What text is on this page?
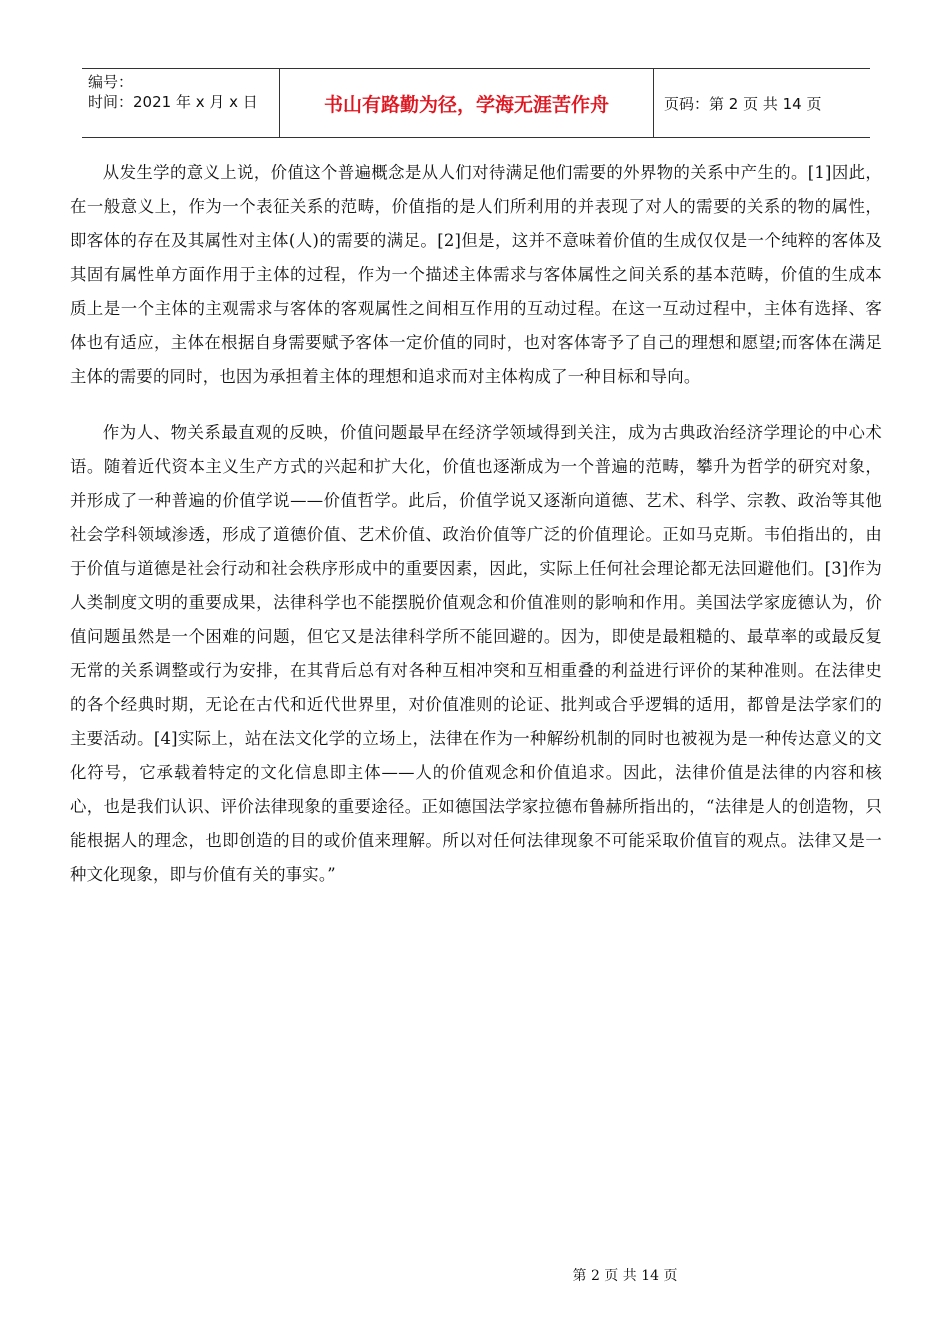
编号：
时间：2021 年 x 月 x 日	书山有路勤为径，学海无涯苦作舟	页码：第 2 页 共 14 页

从发生学的意义上说，价值这个普遍概念是从人们对待满足他们需要的外界物的关系中产生的。[1]因此，在一般意义上，作为一个表征关系的范畴，价值指的是人们所利用的并表现了对人的需要的关系的物的属性，即客体的存在及其属性对主体(人)的需要的满足。[2]但是，这并不意味着价值的生成仅仅是一个纯粹的客体及其固有属性单方面作用于主体的过程，作为一个描述主体需求与客体属性之间关系的基本范畴，价值的生成本质上是一个主体的主观需求与客体的客观属性之间相互作用的互动过程。在这一互动过程中，主体有选择、客体也有适应，主体在根据自身需要赋予客体一定价值的同时，也对客体寄予了自己的理想和愿望;而客体在满足主体的需要的同时，也因为承担着主体的理想和追求而对主体构成了一种目标和导向。

作为人、物关系最直观的反映，价值问题最早在经济学领域得到关注，成为古典政治经济学理论的中心术语。随着近代资本主义生产方式的兴起和扩大化，价值也逐渐成为一个普遍的范畴，攀升为哲学的研究对象，并形成了一种普遍的价值学说——价值哲学。此后，价值学说又逐渐向道德、艺术、科学、宗教、政治等其他社会学科领域渗透，形成了道德价值、艺术价值、政治价值等广泛的价值理论。正如马克斯。韦伯指出的，由于价值与道德是社会行动和社会秩序形成中的重要因素，因此，实际上任何社会理论都无法回避他们。[3]作为人类制度文明的重要成果，法律科学也不能摆脱价值观念和价值准则的影响和作用。美国法学家庞德认为，价值问题虽然是一个困难的问题，但它又是法律科学所不能回避的。因为，即使是最粗糙的、最草率的或最反复无常的关系调整或行为安排，在其背后总有对各种互相冲突和互相重叠的利益进行评价的某种准则。在法律史的各个经典时期，无论在古代和近代世界里，对价值准则的论证、批判或合乎逻辑的适用，都曾是法学家们的主要活动。[4]实际上，站在法文化学的立场上，法律在作为一种解纷机制的同时也被视为是一种传达意义的文化符号，它承载着特定的文化信息即主体——人的价值观念和价值追求。因此，法律价值是法律的内容和核心，也是我们认识、评价法律现象的重要途径。正如德国法学家拉德布鲁赫所指出的，“法律是人的创造物，只能根据人的理念，也即创造的目的或价值来理解。所以对任何法律现象不可能采取价值盲的观点。法律又是一种文化现象，即与价值有关的事实。”

第 2 页 共 14 页
